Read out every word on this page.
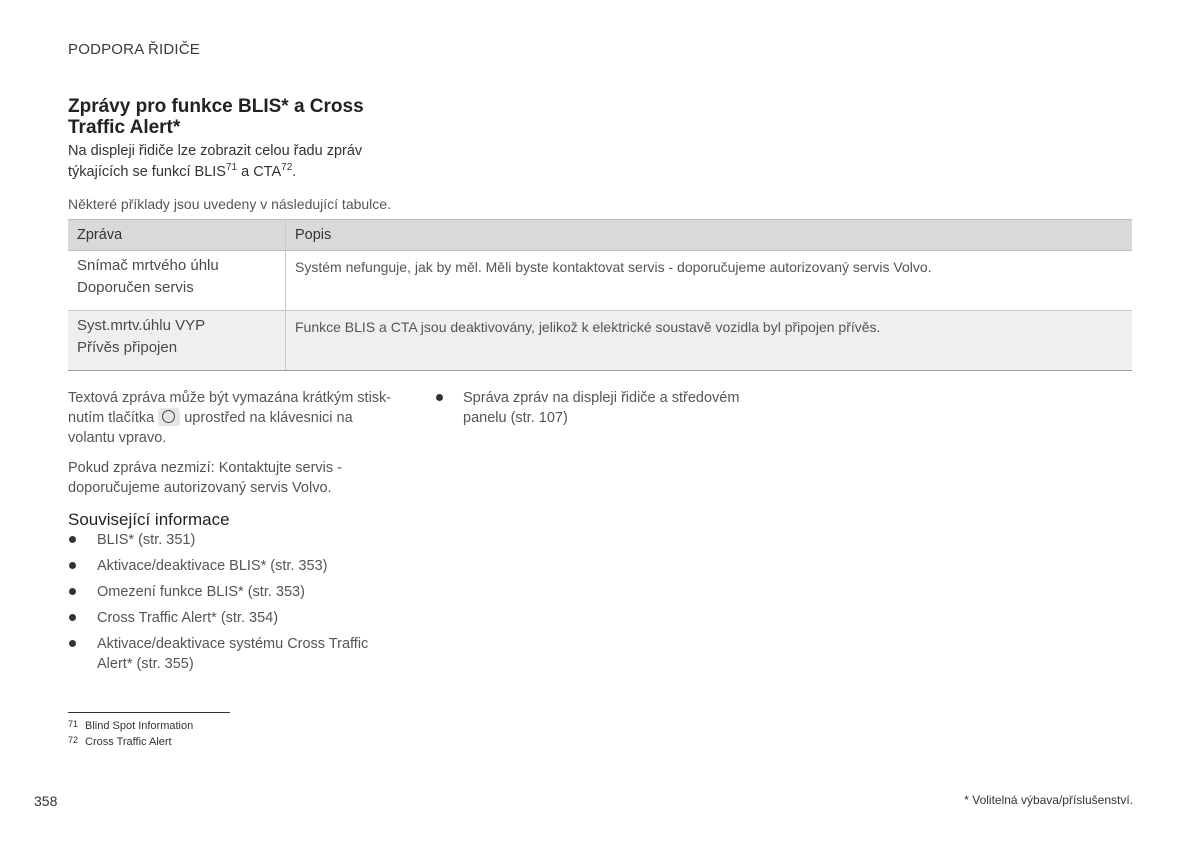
PODPORA ŘIDIČE
Zprávy pro funkce BLIS* a Cross Traffic Alert*
Na displeji řidiče lze zobrazit celou řadu zpráv
týkajících se funkcí BLIS$^{71}$ a CTA$^{72}$.
Některé příklady jsou uvedeny v následující tabulce.
Zpráva	Popis

Snímač mrtvého úhlu
Doporučen servis	Systém nefunguje, jak by měl. Měli byste kontaktovat servis - doporučujeme autorizovaný servis Volvo.

Syst.mrtv.úhlu VYP
Přívěs připojen	Funkce BLIS a CTA jsou deaktivovány, jelikož k elektrické soustavě vozidla byl připojen přívěs.
Textová zpráva může být vymazána krátkým stisk-
nutím tlačítka uprostřed na klávesnici na
volantu vpravo.
Pokud zpráva nezmizí: Kontaktujte servis - doporučujeme autorizovaný servis Volvo.
Související informace
BLIS* (str. 351)
Aktivace/deaktivace BLIS* (str. 353)
Omezení funkce BLIS* (str. 353)
Cross Traffic Alert* (str. 354)
Aktivace/deaktivace systému Cross Traffic Alert* (str. 355)
Správa zpráv na displeji řidiče a středovém panelu (str. 107)
71 Blind Spot Information
72 Cross Traffic Alert
358	* Volitelná výbava/příslušenství.
